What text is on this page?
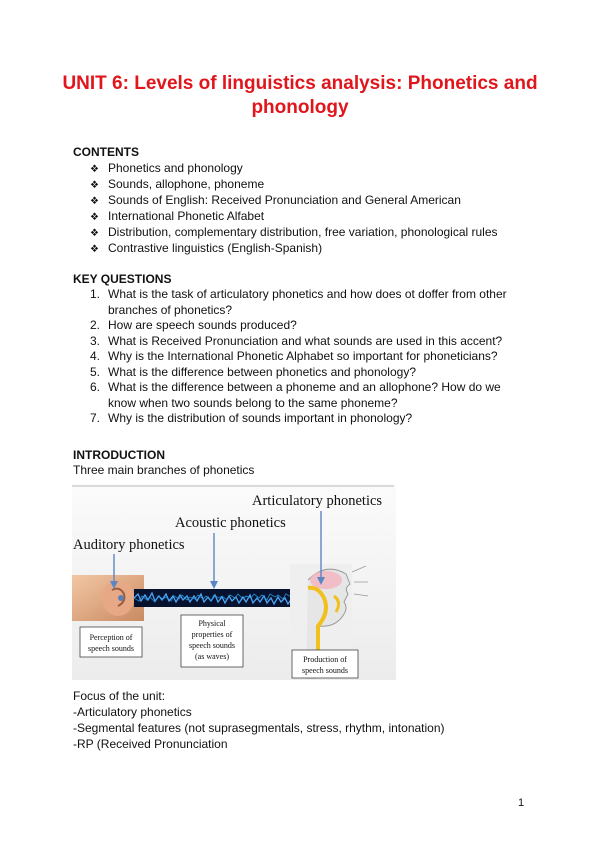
UNIT 6: Levels of linguistics analysis: Phonetics and
phonology
CONTENTS
❖ Phonetics and phonology
❖ Sounds, allophone, phoneme
❖ Sounds of English: Received Pronunciation and General American
❖ International Phonetic Alfabet
❖ Distribution, complementary distribution, free variation, phonological rules
❖ Contrastive linguistics (English-Spanish)
KEY QUESTIONS
1. What is the task of articulatory phonetics and how does ot doffer from other branches of phonetics?
2. How are speech sounds produced?
3. What is Received Pronunciation and what sounds are used in this accent?
4. Why is the International Phonetic Alphabet so important for phoneticians?
5. What is the difference between phonetics and phonology?
6. What is the difference between a phoneme and an allophone? How do we know when two sounds belong to the same phoneme?
7. Why is the distribution of sounds important in phonology?
INTRODUCTION
Three main branches of phonetics
Articulatory phonetics
Acoustic phonetics
Auditory phonetics
Perception of
speech sounds
Physical
properties of
speech sounds
(as waves)	Production of
speech sounds
Focus of the unit:
-Articulatory phonetics
-Segmental features (not suprasegmentals, stress, rhythm, intonation)
-RP (Received Pronunciation
1
